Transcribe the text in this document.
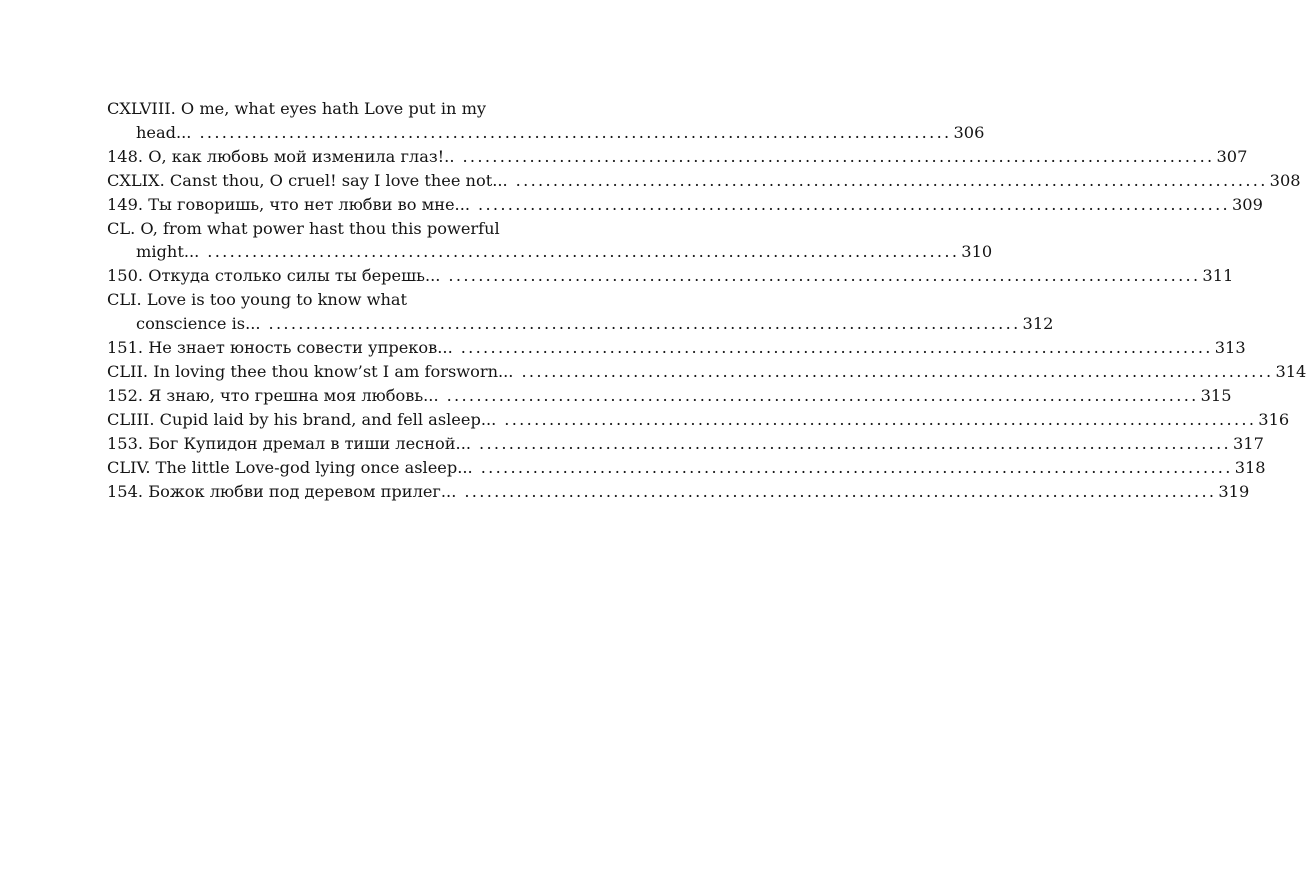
CXLVIII. O me, what eyes hath Love put in my
head... ..................................................................................................... 306
148. О, как любовь мой изменила глаз!.. ..................................................................................................... 307
CXLIX. Canst thou, O cruel! say I love thee not... ..................................................................................................... 308
149. Ты говоришь, что нет любви во мне... ..................................................................................................... 309
CL. O, from what power hast thou this powerful
might... ..................................................................................................... 310
150. Откуда столько силы ты берешь... ..................................................................................................... 311
CLI. Love is too young to know what
conscience is... ..................................................................................................... 312
151. Не знает юность совести упреков... ..................................................................................................... 313
CLII. In loving thee thou know’st I am forsworn... ..................................................................................................... 314
152. Я знаю, что грешна моя любовь... ..................................................................................................... 315
CLIII. Cupid laid by his brand, and fell asleep... ..................................................................................................... 316
153. Бог Купидон дремал в тиши лесной... ..................................................................................................... 317
CLIV. The little Love-god lying once asleep... ..................................................................................................... 318
154. Божок любви под деревом прилег... ..................................................................................................... 319
